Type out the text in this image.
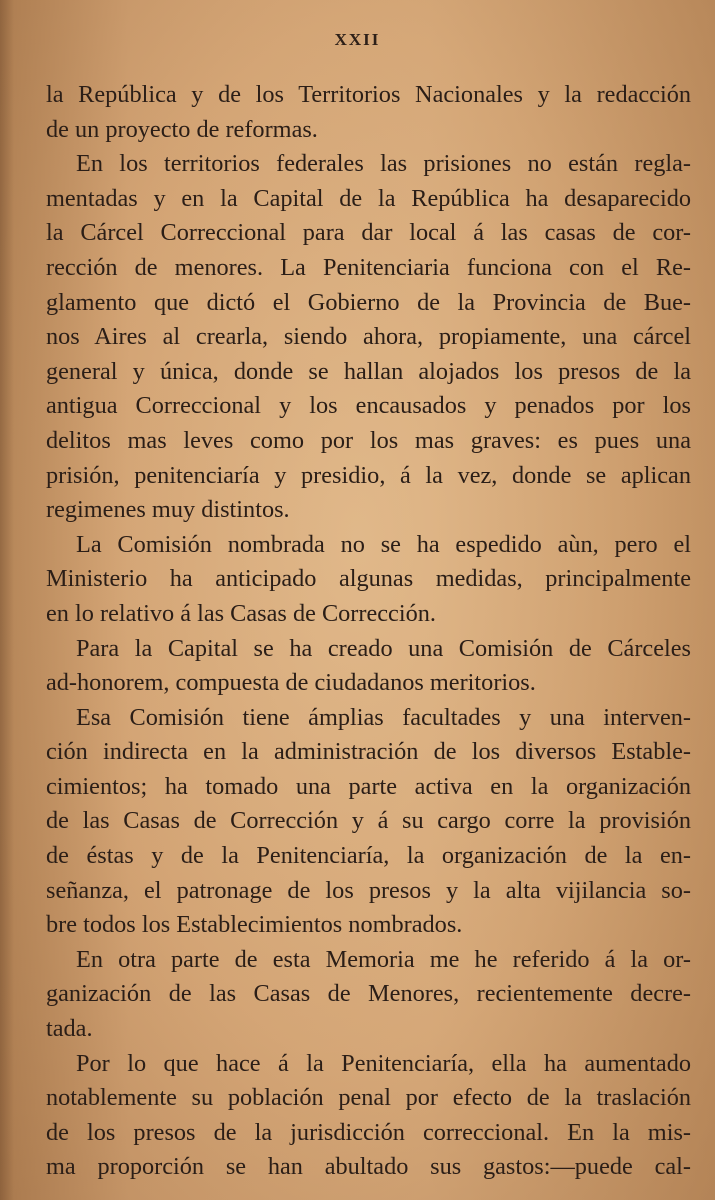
XXII
la República y de los Territorios Nacionales y la redacción
de un proyecto de reformas.
En los territorios federales las prisiones no están regla-
mentadas y en la Capital de la República ha desaparecido
la Cárcel Correccional para dar local á las casas de cor-
rección de menores. La Penitenciaria funciona con el Re-
glamento que dictó el Gobierno de la Provincia de Bue-
nos Aires al crearla, siendo ahora, propiamente, una cárcel
general y única, donde se hallan alojados los presos de la
antigua Correccional y los encausados y penados por los
delitos mas leves como por los mas graves: es pues una
prisión, penitenciaría y presidio, á la vez, donde se aplican
regimenes muy distintos.
La Comisión nombrada no se ha espedido aùn, pero el
Ministerio ha anticipado algunas medidas, principalmente
en lo relativo á las Casas de Corrección.
Para la Capital se ha creado una Comisión de Cárceles
ad-honorem, compuesta de ciudadanos meritorios.
Esa Comisión tiene ámplias facultades y una interven-
ción indirecta en la administración de los diversos Estable-
cimientos; ha tomado una parte activa en la organización
de las Casas de Corrección y á su cargo corre la provisión
de éstas y de la Penitenciaría, la organización de la en-
señanza, el patronage de los presos y la alta vijilancia so-
bre todos los Establecimientos nombrados.
En otra parte de esta Memoria me he referido á la or-
ganización de las Casas de Menores, recientemente decre-
tada.
Por lo que hace á la Penitenciaría, ella ha aumentado
notablemente su población penal por efecto de la traslación
de los presos de la jurisdicción correccional. En la mis-
ma proporción se han abultado sus gastos:—puede cal-
